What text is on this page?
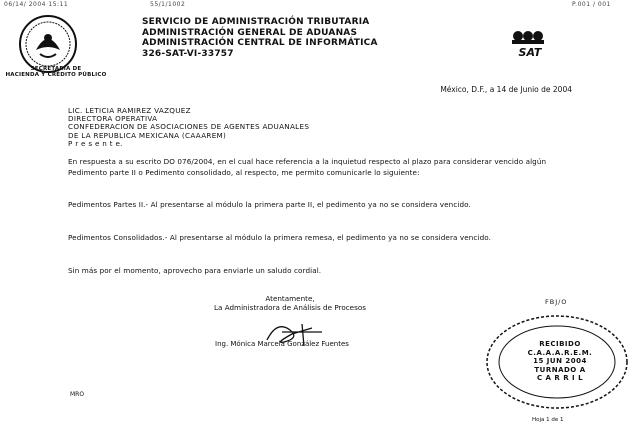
06/14/ 2004 15:11	55/1/1002	P.001 / 001
SECRETARÍA DE
HACIENDA Y CRÉDITO PÚBLICO
SERVICIO DE ADMINISTRACIÓN TRIBUTARIA
ADMINISTRACIÓN GENERAL DE ADUANAS
ADMINISTRACIÓN CENTRAL DE INFORMÁTICA
326-SAT-VI-33757	SAT
México, D.F., a 14 de Junio de 2004
LIC. LETICIA RAMIREZ VAZQUEZ
DIRECTORA OPERATIVA
CONFEDERACION DE ASOCIACIONES DE AGENTES ADUANALES
DE LA REPUBLICA MEXICANA (CAAAREM)
P r e s e n t e.
En respuesta a su escrito DO 076/2004, en el cual hace referencia a la inquietud respecto al plazo para considerar vencido algún Pedimento parte II o Pedimento consolidado, al respecto, me permito comunicarle lo siguiente:
Pedimentos Partes II.- Al presentarse al módulo la primera parte II, el pedimento ya no se considera vencido.
Pedimentos Consolidados.- Al presentarse al módulo la primera remesa, el pedimento ya no se considera vencido.
Sin más por el momento, aprovecho para enviarle un saludo cordial.
Atentamente,
La Administradora de Análisis de Procesos
Ing. Mónica Marcela González Fuentes
FBJ/O
RECIBIDO
C.A.A.A.R.E.M.
15 JUN 2004
TURNADO A
C A R R I L
MRO
Hoja 1 de 1
